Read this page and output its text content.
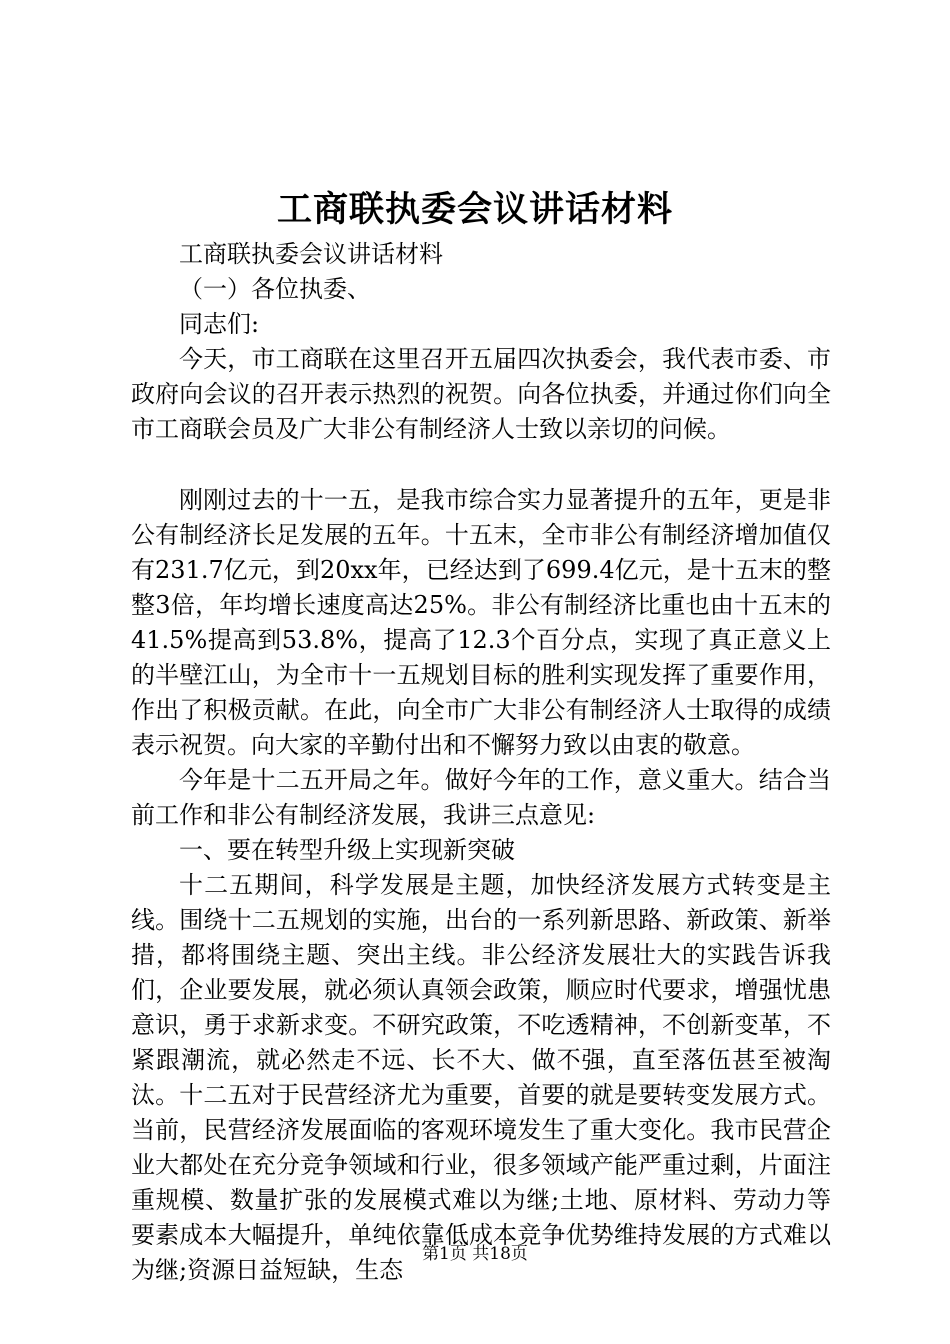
工商联执委会议讲话材料

工商联执委会议讲话材料

（一）各位执委、

同志们:

今天，市工商联在这里召开五届四次执委会，我代表市委、市政府向会议的召开表示热烈的祝贺。向各位执委，并通过你们向全市工商联会员及广大非公有制经济人士致以亲切的问候。

刚刚过去的十一五，是我市综合实力显著提升的五年，更是非公有制经济长足发展的五年。十五末，全市非公有制经济增加值仅有231.7亿元，到20xx年，已经达到了699.4亿元，是十五末的整整3倍，年均增长速度高达25%。非公有制经济比重也由十五末的41.5%提高到53.8%，提高了12.3个百分点，实现了真正意义上的半壁江山，为全市十一五规划目标的胜利实现发挥了重要作用，作出了积极贡献。在此，向全市广大非公有制经济人士取得的成绩表示祝贺。向大家的辛勤付出和不懈努力致以由衷的敬意。

今年是十二五开局之年。做好今年的工作，意义重大。结合当前工作和非公有制经济发展，我讲三点意见:

一、要在转型升级上实现新突破

十二五期间，科学发展是主题，加快经济发展方式转变是主线。围绕十二五规划的实施，出台的一系列新思路、新政策、新举措，都将围绕主题、突出主线。非公经济发展壮大的实践告诉我们，企业要发展，就必须认真领会政策，顺应时代要求，增强忧患意识，勇于求新求变。不研究政策，不吃透精神，不创新变革，不紧跟潮流，就必然走不远、长不大、做不强，直至落伍甚至被淘汰。十二五对于民营经济尤为重要，首要的就是要转变发展方式。当前，民营经济发展面临的客观环境发生了重大变化。我市民营企业大都处在充分竞争领域和行业，很多领域产能严重过剩，片面注重规模、数量扩张的发展模式难以为继;土地、原材料、劳动力等要素成本大幅提升，单纯依靠低成本竞争优势维持发展的方式难以为继;资源日益短缺，生态

第1页 共18页
